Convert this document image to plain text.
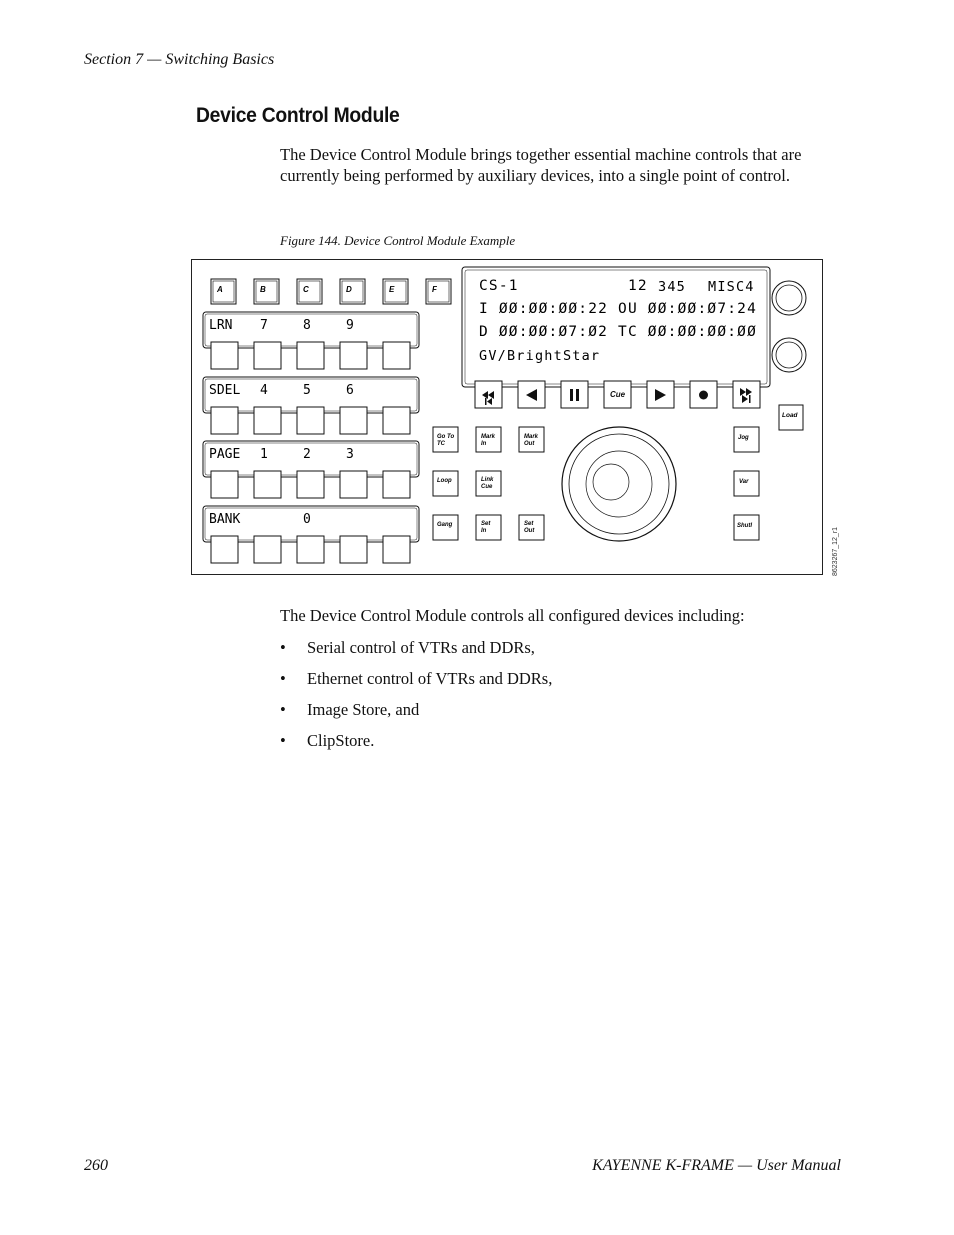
Section 7 — Switching Basics
Device Control Module
The Device Control Module brings together essential machine controls that are currently being performed by auxiliary devices, into a single point of control.
Figure 144. Device Control Module Example
A	B	C	D	E	F
LRN 7	8	9
SDEL 4	5	6
PAGE 1	2	3
BANK	0
CS-1	12 345 MISC4
I ØØ:ØØ:ØØ:22 OU ØØ:ØØ:Ø7:24
D ØØ:ØØ:Ø7:Ø2 TC ØØ:ØØ:ØØ:ØØ
GV/BrightStar
Cue
Load
Go To
TC
Mark
In
Mark
Out
Loop	Link
Cue
Gang	Set
In
Set
Out
Jog
Var
Shutl
8623267_12_r1
The Device Control Module controls all configured devices including:
• Serial control of VTRs and DDRs,
• Ethernet control of VTRs and DDRs,
• Image Store, and
• ClipStore.
260	KAYENNE K-FRAME — User Manual
